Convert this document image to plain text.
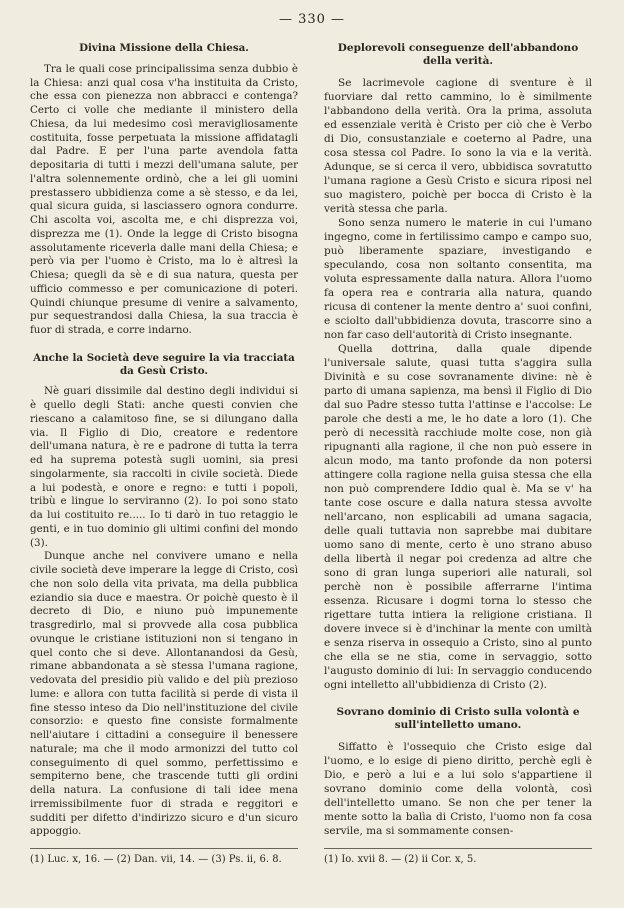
— 330 —
Divina Missione della Chiesa.

Tra le quali cose principalissima senza dubbio è la Chiesa: anzi qual cosa v'ha instituita da Cristo, che essa con pienezza non abbracci e contenga? Certo ci volle che mediante il ministero della Chiesa, da lui medesimo così meravigliosamente costituita, fosse perpetuata la missione affidatagli dal Padre. E per l'una parte avendola fatta depositaria di tutti i mezzi dell'umana salute, per l'altra solennemente ordinò, che a lei gli uomini prestassero ubbidienza come a sè stesso, e da lei, qual sicura guida, si lasciassero ognora condurre. Chi ascolta voi, ascolta me, e chi disprezza voi, disprezza me (1). Onde la legge di Cristo bisogna assolutamente riceverla dalle mani della Chiesa; e però via per l'uomo è Cristo, ma lo è altresì la Chiesa; quegli da sè e di sua natura, questa per ufficio commesso e per comunicazione di poteri. Quindi chiunque presume di venire a salvamento, pur sequestrandosi dalla Chiesa, la sua traccia è fuor di strada, e corre indarno.

Anche la Società deve seguire la via tracciata da Gesù Cristo.

Nè guari dissimile dal destino degli individui si è quello degli Stati: anche questi convien che riescano a calamitoso fine, se si dilungano dalla via. Il Figlio di Dio, creatore e redentore dell'umana natura, è re e padrone di tutta la terra ed ha suprema potestà sugli uomini, sia presi singolarmente, sia raccolti in civile società. Diede a lui podestà, e onore e regno: e tutti i popoli, tribù e lingue lo serviranno (2). Io poi sono stato da lui costituito re..... Io ti darò in tuo retaggio le genti, e in tuo dominio gli ultimi confini del mondo (3).

Dunque anche nel convivere umano e nella civile società deve imperare la legge di Cristo, così che non solo della vita privata, ma della pubblica eziandio sia duce e maestra. Or poichè questo è il decreto di Dio, e niuno può impunemente trasgredirlo, mal si provvede alla cosa pubblica ovunque le cristiane istituzioni non si tengano in quel conto che si deve. Allontanandosi da Gesù, rimane abbandonata a sè stessa l'umana ragione, vedovata del presidio più valido e del più prezioso lume: e allora con tutta facilità si perde di vista il fine stesso inteso da Dio nell'instituzione del civile consorzio: e questo fine consiste formalmente nell'aiutare i cittadini a conseguire il benessere naturale; ma che il modo armonizzi del tutto col conseguimento di quel sommo, perfettissimo e sempiterno bene, che trascende tutti gli ordini della natura. La confusione di tali idee mena irremissibilmente fuor di strada e reggitori e sudditi per difetto d'indirizzo sicuro e d'un sicuro appoggio.

Deplorevoli conseguenze dell'abbandono della verità.

Se lacrimevole cagione di sventure è il fuorviare dal retto cammino, lo è similmente l'abbandono della verità. Ora la prima, assoluta ed essenziale verità è Cristo per ciò che è Verbo di Dio, consustanziale e coeterno al Padre, una cosa stessa col Padre. Io sono la via e la verità. Adunque, se si cerca il vero, ubbidisca sovratutto l'umana ragione a Gesù Cristo e sicura riposi nel suo magistero, poichè per bocca di Cristo è la verità stessa che parla.

Sono senza numero le materie in cui l'umano ingegno, come in fertilissimo campo e campo suo, può liberamente spaziare, investigando e speculando, cosa non soltanto consentita, ma voluta espressamente dalla natura. Allora l'uomo fa opera rea e contraria alla natura, quando ricusa di contener la mente dentro a' suoi confini, e sciolto dall'ubbidienza dovuta, trascorre sino a non far caso dell'autorità di Cristo insegnante.

Quella dottrina, dalla quale dipende l'universale salute, quasi tutta s'aggira sulla Divinità e su cose sovranamente divine: nè è parto di umana sapienza, ma bensì il Figlio di Dio dal suo Padre stesso tutta l'attinse e l'accolse: Le parole che desti a me, le ho date a loro (1). Che però di necessità racchiude molte cose, non già ripugnanti alla ragione, il che non può essere in alcun modo, ma tanto profonde da non potersi attingere colla ragione nella guisa stessa che ella non può comprendere Iddio qual è. Ma se v' ha tante cose oscure e dalla natura stessa avvolte nell'arcano, non esplicabili ad umana sagacia, delle quali tuttavia non saprebbe mai dubitare uomo sano di mente, certo è uno strano abuso della libertà il negar poi credenza ad altre che sono di gran lunga superiori alle naturali, sol perchè non è possibile afferrarne l'intima essenza. Ricusare i dogmi torna lo stesso che rigettare tutta intiera la religione cristiana. Il dovere invece si è d'inchinar la mente con umiltà e senza riserva in ossequio a Cristo, sino al punto che ella se ne stia, come in servaggio, sotto l'augusto dominio di lui: In servaggio conducendo ogni intelletto all'ubbidienza di Cristo (2).

Sovrano dominio di Cristo sulla volontà e sull'intelletto umano.

Siffatto è l'ossequio che Cristo esige dal l'uomo, e lo esige di pieno diritto, perchè egli è Dio, e però a lui e a lui solo s'appartiene il sovrano dominio come della volontà, così dell'intelletto umano. Se non che per tener la mente sotto la balìa di Cristo, l'uomo non fa cosa servile, ma si sommamente consen-

(1) Luc. x, 16. — (2) Dan. vii, 14. — (3) Ps. ii, 6. 8.	(1) Io. xvii 8. — (2) ii Cor. x, 5.
